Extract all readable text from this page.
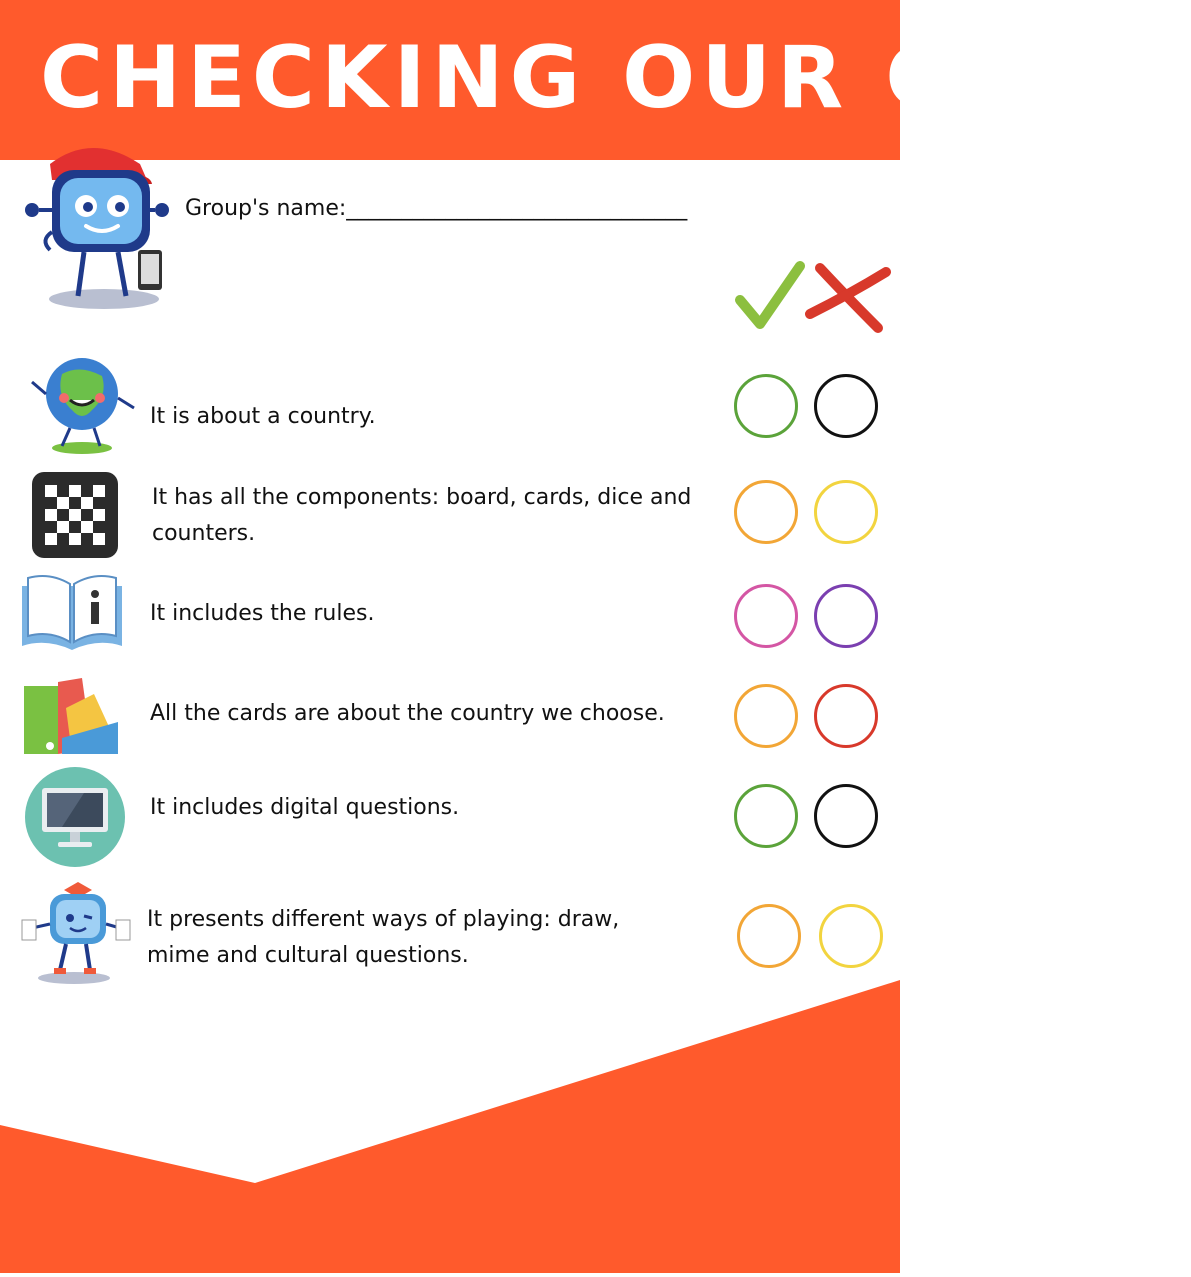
CHECKING OUR GAME
Group's name:_______________________________
It is about a country.
It has all the components: board, cards, dice and counters.
It includes the rules.
All the cards are about the country we choose.
It includes digital questions.
It presents different ways of playing: draw, mime and cultural questions.
